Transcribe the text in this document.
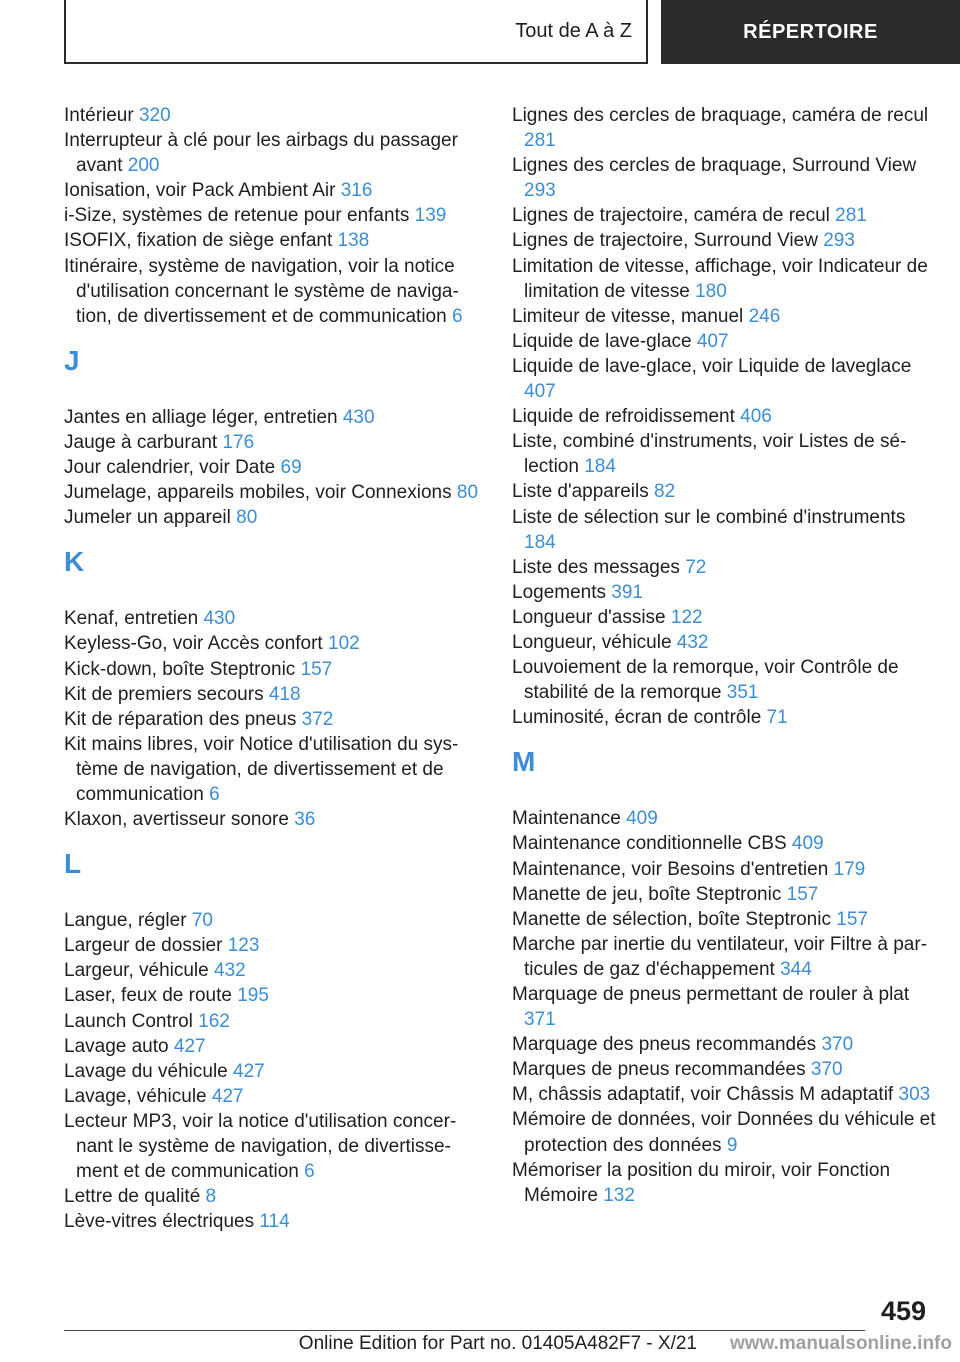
Tout de A à Z	RÉPERTOIRE
Intérieur 320
Interrupteur à clé pour les airbags du passager avant 200
Ionisation, voir Pack Ambient Air 316
i-Size, systèmes de retenue pour enfants 139
ISOFIX, fixation de siège enfant 138
Itinéraire, système de navigation, voir la notice d'utilisation concernant le système de navigation, de divertissement et de communication 6
J
Jantes en alliage léger, entretien 430
Jauge à carburant 176
Jour calendrier, voir Date 69
Jumelage, appareils mobiles, voir Connexions 80
Jumeler un appareil 80
K
Kenaf, entretien 430
Keyless-Go, voir Accès confort 102
Kick-down, boîte Steptronic 157
Kit de premiers secours 418
Kit de réparation des pneus 372
Kit mains libres, voir Notice d'utilisation du système de navigation, de divertissement et de communication 6
Klaxon, avertisseur sonore 36
L
Langue, régler 70
Largeur de dossier 123
Largeur, véhicule 432
Laser, feux de route 195
Launch Control 162
Lavage auto 427
Lavage du véhicule 427
Lavage, véhicule 427
Lecteur MP3, voir la notice d'utilisation concernant le système de navigation, de divertissement et de communication 6
Lettre de qualité 8
Lève-vitres électriques 114
Lignes des cercles de braquage, caméra de recul 281
Lignes des cercles de braquage, Surround View 293
Lignes de trajectoire, caméra de recul 281
Lignes de trajectoire, Surround View 293
Limitation de vitesse, affichage, voir Indicateur de limitation de vitesse 180
Limiteur de vitesse, manuel 246
Liquide de lave-glace 407
Liquide de lave-glace, voir Liquide de laveglace 407
Liquide de refroidissement 406
Liste, combiné d'instruments, voir Listes de sélection 184
Liste d'appareils 82
Liste de sélection sur le combiné d'instruments 184
Liste des messages 72
Logements 391
Longueur d'assise 122
Longueur, véhicule 432
Louvoiement de la remorque, voir Contrôle de stabilité de la remorque 351
Luminosité, écran de contrôle 71
M
Maintenance 409
Maintenance conditionnelle CBS 409
Maintenance, voir Besoins d'entretien 179
Manette de jeu, boîte Steptronic 157
Manette de sélection, boîte Steptronic 157
Marche par inertie du ventilateur, voir Filtre à particules de gaz d'échappement 344
Marquage de pneus permettant de rouler à plat 371
Marquage des pneus recommandés 370
Marques de pneus recommandées 370
M, châssis adaptatif, voir Châssis M adaptatif 303
Mémoire de données, voir Données du véhicule et protection des données 9
Mémoriser la position du miroir, voir Fonction Mémoire 132
459
Online Edition for Part no. 01405A482F7 - X/21 www.manualsonline.info
